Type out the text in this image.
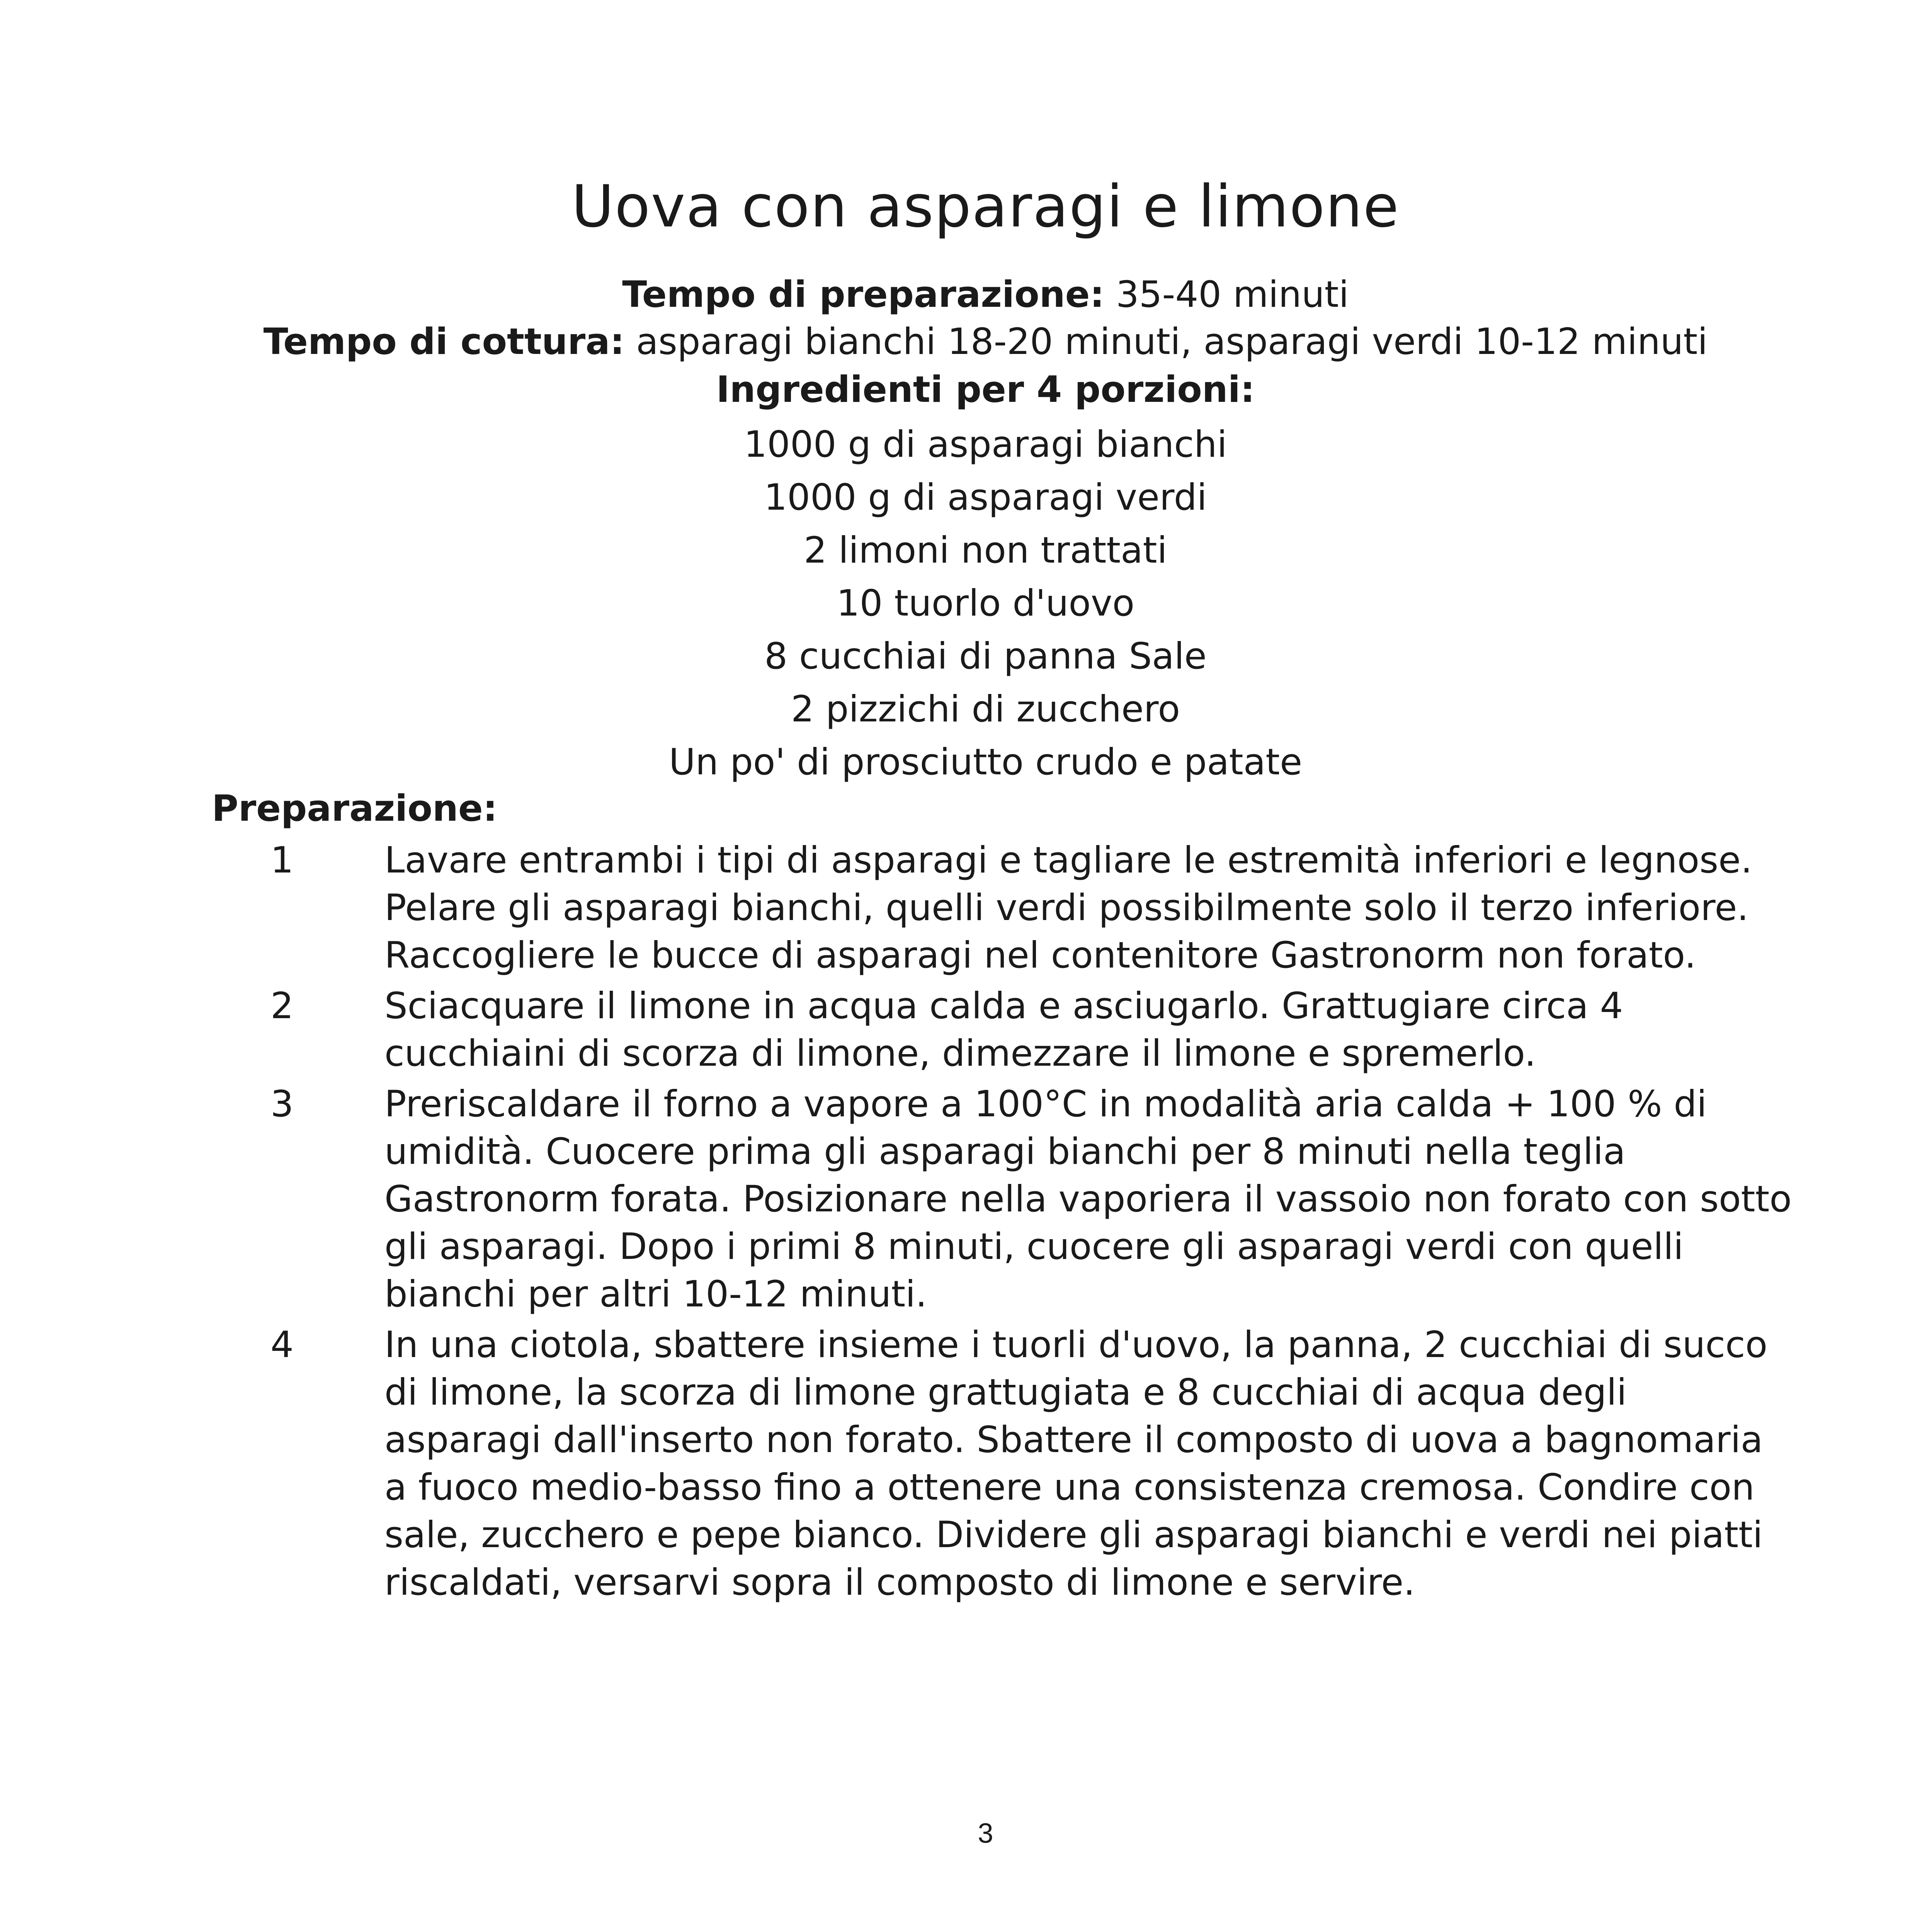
Uova con asparagi e limone
Tempo di preparazione: 35-40 minuti
Tempo di cottura: asparagi bianchi 18-20 minuti, asparagi verdi 10-12 minuti
Ingredienti per 4 porzioni:
1000 g di asparagi bianchi
1000 g di asparagi verdi
2 limoni non trattati
10 tuorlo d'uovo
8 cucchiai di panna Sale
2 pizzichi di zucchero
Un po' di prosciutto crudo e patate
Preparazione:
1	Lavare entrambi i tipi di asparagi e tagliare le estremità inferiori e legnose.
Pelare gli asparagi bianchi, quelli verdi possibilmente solo il terzo inferiore.
Raccogliere le bucce di asparagi nel contenitore Gastronorm non forato.
2	Sciacquare il limone in acqua calda e asciugarlo. Grattugiare circa 4
cucchiaini di scorza di limone, dimezzare il limone e spremerlo.
3	Preriscaldare il forno a vapore a 100°C in modalità aria calda + 100 % di
umidità. Cuocere prima gli asparagi bianchi per 8 minuti nella teglia
Gastronorm forata. Posizionare nella vaporiera il vassoio non forato con sotto
gli asparagi. Dopo i primi 8 minuti, cuocere gli asparagi verdi con quelli
bianchi per altri 10-12 minuti.
4	In una ciotola, sbattere insieme i tuorli d'uovo, la panna, 2 cucchiai di succo
di limone, la scorza di limone grattugiata e 8 cucchiai di acqua degli
asparagi dall'inserto non forato. Sbattere il composto di uova a bagnomaria
a fuoco medio-basso fino a ottenere una consistenza cremosa. Condire con
sale, zucchero e pepe bianco. Dividere gli asparagi bianchi e verdi nei piatti
riscaldati, versarvi sopra il composto di limone e servire.
3
